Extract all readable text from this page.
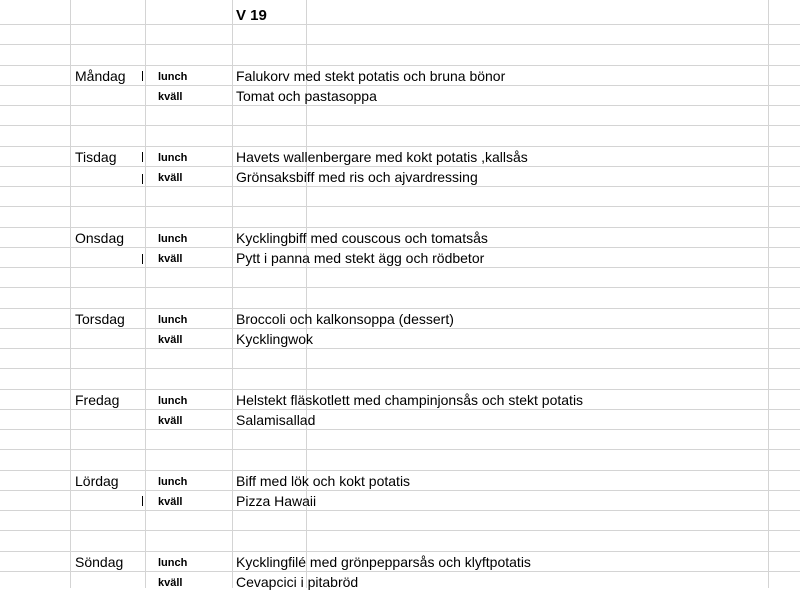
V 19
Måndag	lunch	Falukorv med stekt potatis och bruna bönor
kväll	Tomat och pastasoppa
Tisdag	lunch	Havets wallenbergare med kokt potatis ,kallsås
kväll	Grönsaksbiff med ris och ajvardressing
Onsdag	lunch	Kycklingbiff med couscous och tomatsås
kväll	Pytt i panna med stekt ägg och rödbetor
Torsdag	lunch	Broccoli och kalkonsoppa (dessert)
kväll	Kycklingwok
Fredag	lunch	Helstekt fläskotlett med champinjonsås och stekt potatis
kväll	Salamisallad
Lördag	lunch	Biff med lök och kokt potatis
kväll	Pizza Hawaii
Söndag	lunch	Kycklingfilé med grönpepparsås och klyftpotatis
kväll	Cevapcici i pitabröd
